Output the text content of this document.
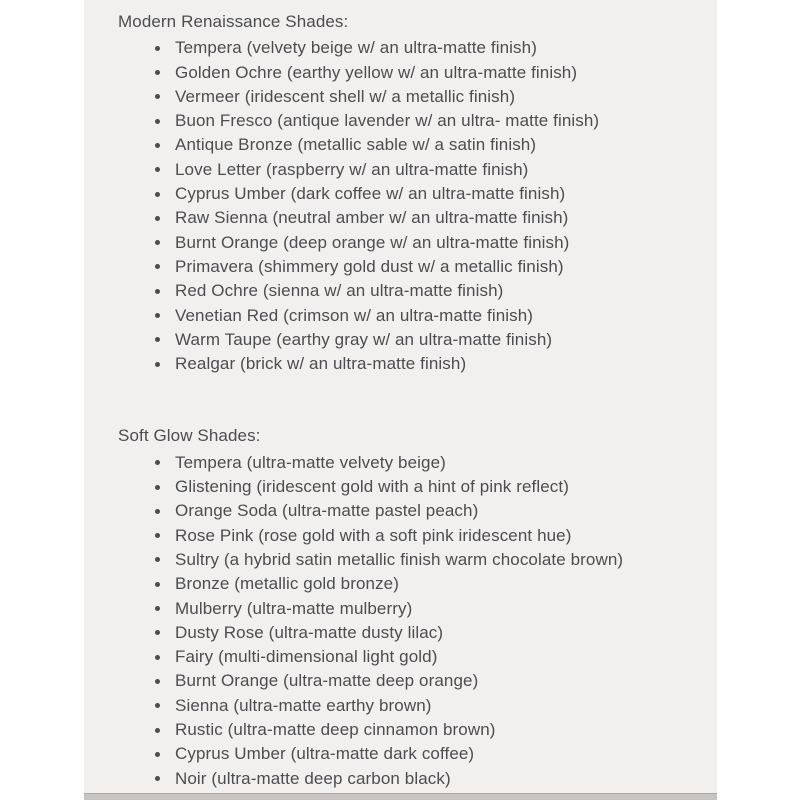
Modern Renaissance Shades:

Tempera (velvety beige w/ an ultra-matte finish)
Golden Ochre (earthy yellow w/ an ultra-matte finish)
Vermeer (iridescent shell w/ a metallic finish)
Buon Fresco (antique lavender w/ an ultra- matte finish)
Antique Bronze (metallic sable w/ a satin finish)
Love Letter (raspberry w/ an ultra-matte finish)
Cyprus Umber (dark coffee w/ an ultra-matte finish)
Raw Sienna (neutral amber w/ an ultra-matte finish)
Burnt Orange (deep orange w/ an ultra-matte finish)
Primavera (shimmery gold dust w/ a metallic finish)
Red Ochre (sienna w/ an ultra-matte finish)
Venetian Red (crimson w/ an ultra-matte finish)
Warm Taupe (earthy gray w/ an ultra-matte finish)
Realgar (brick w/ an ultra-matte finish)

Soft Glow Shades:

Tempera (ultra-matte velvety beige)
Glistening (iridescent gold with a hint of pink reflect)
Orange Soda (ultra-matte pastel peach)
Rose Pink (rose gold with a soft pink iridescent hue)
Sultry (a hybrid satin metallic finish warm chocolate brown)
Bronze (metallic gold bronze)
Mulberry (ultra-matte mulberry)
Dusty Rose (ultra-matte dusty lilac)
Fairy (multi-dimensional light gold)
Burnt Orange (ultra-matte deep orange)
Sienna (ultra-matte earthy brown)
Rustic (ultra-matte deep cinnamon brown)
Cyprus Umber (ultra-matte dark coffee)
Noir (ultra-matte deep carbon black)
